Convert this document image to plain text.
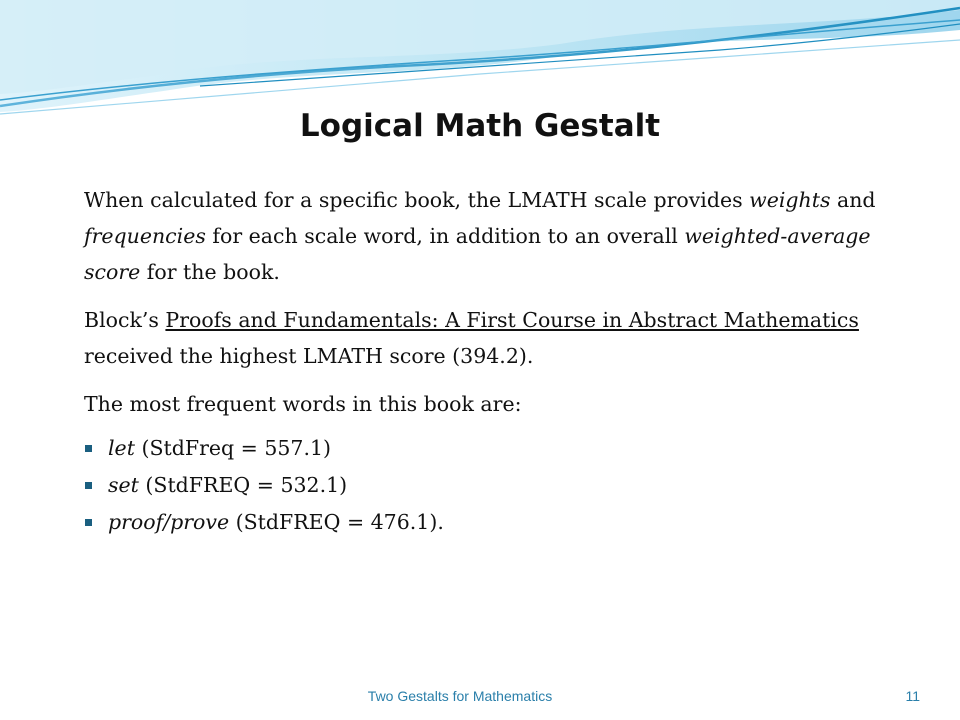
Logical Math Gestalt

When calculated for a specific book, the LMATH scale provides weights and frequencies for each scale word, in addition to an overall weighted-average score for the book.

Block’s Proofs and Fundamentals: A First Course in Abstract Mathematics received the highest LMATH score (394.2).

The most frequent words in this book are:

let (StdFreq = 557.1)
set (StdFREQ = 532.1)
proof/prove (StdFREQ = 476.1).
Two Gestalts for Mathematics	11
